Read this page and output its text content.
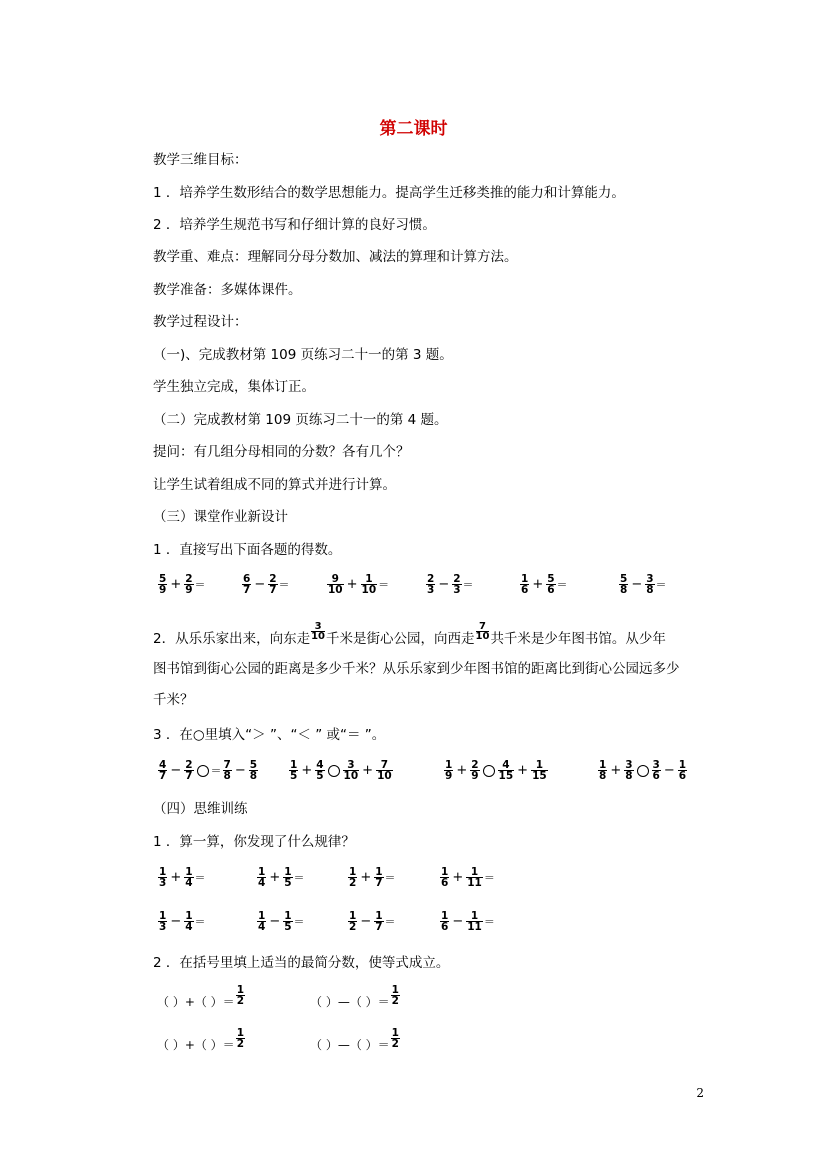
第二课时
教学三维目标：
1 ．培养学生数形结合的数学思想能力。提高学生迁移类推的能力和计算能力。
2 ．培养学生规范书写和仔细计算的良好习惯。
教学重、难点：理解同分母分数加、减法的算理和计算方法。
教学准备：多媒体课件。
教学过程设计：
（一)、完成教材第 109 页练习二十一的第 3 题。
学生独立完成，集体订正。
（二）完成教材第 109 页练习二十一的第 4 题。
提问：有几组分母相同的分数？各有几个？
让学生试着组成不同的算式并进行计算。
（三）课堂作业新设计
1 ．直接写出下面各题的得数。
$\frac{5}{9} + \frac{2}{9}$ ＝	$\frac{6}{7} - \frac{2}{7}$ ＝	$\frac{9}{10} + \frac{1}{10}$ ＝	$\frac{2}{3} - \frac{2}{3}$ ＝	$\frac{1}{6} + \frac{5}{6}$ ＝	$\frac{5}{8} - \frac{3}{8}$ ＝
2．从乐乐家出来，向东走 $\frac{3}{10}$千米是街心公园，向西走 $\frac{7}{10}$共千米是少年图书馆。从少年
图书馆到街心公园的距离是多少千米？从乐乐家到少年图书馆的距离比到街心公园远多少
千米？
3 ．在○里填入“＞ ”、“＜ ” 或“＝ ”。
$\frac{4}{7} - \frac{2}{7} = \frac{7}{8} - \frac{5}{8}$	$\frac{1}{5} + \frac{4}{5} \frac{3}{10} + \frac{7}{10}$	$\frac{1}{9} + \frac{2}{9} \frac{4}{15} + \frac{1}{15}$	$\frac{1}{8} + \frac{3}{8} \frac{3}{6} - \frac{1}{6}$
（四）思维训练
1 ．算一算，你发现了什么规律？
$\frac{1}{3} + \frac{1}{4}$ ＝	$\frac{1}{4} + \frac{1}{5}$ ＝	$\frac{1}{2} + \frac{1}{7}$ ＝	$\frac{1}{6} + \frac{1}{11}$ ＝
$\frac{1}{3} - \frac{1}{4}$ ＝	$\frac{1}{4} - \frac{1}{5}$ ＝	$\frac{1}{2} - \frac{1}{7}$ ＝	$\frac{1}{6} - \frac{1}{11}$ ＝
2 ．在括号里填上适当的最简分数，使等式成立。
（ ）+（ ）＝ $\frac{1}{2}$	（ ）—（ ）＝ $\frac{1}{2}$
（ ）+（ ）＝ $\frac{1}{2}$	（ ）—（ ）＝ $\frac{1}{2}$
2
